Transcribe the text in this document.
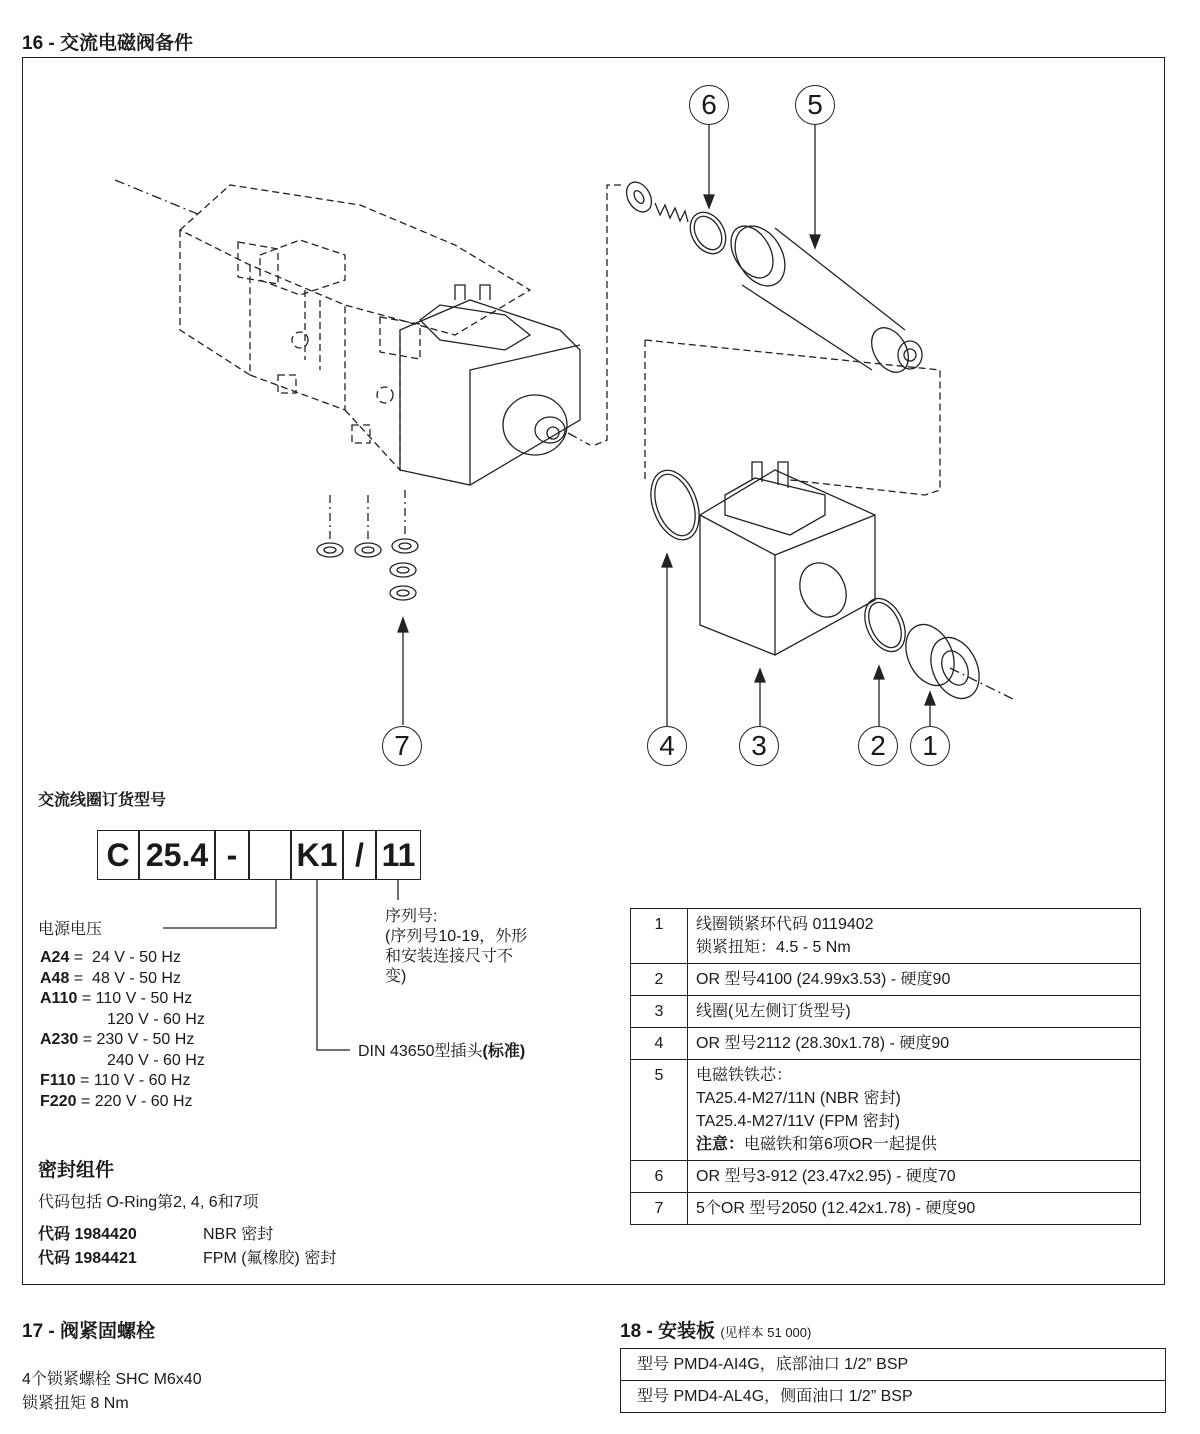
16 - 交流电磁阀备件
6	5
7	4	3	2	1
交流线圈订货型号
C 25.4 -	K1 / 11
电源电压
A24 =  24 V - 50 Hz
A48 =  48 V - 50 Hz
A110 = 110 V - 50 Hz
120 V - 60 Hz
A230 = 230 V - 50 Hz
240 V - 60 Hz
F110 = 110 V - 60 Hz
F220 = 220 V - 60 Hz
序列号:
(序列号10-19，外形
和安装连接尺寸不
变)
DIN 43650型插头(标准)
密封组件
代码包括 O-Ring第2, 4, 6和7项
代码 1984420	NBR 密封
代码 1984421	FPM (氟橡胶) 密封
1	线圈锁紧环代码 0119402
锁紧扭矩：4.5 - 5 Nm

2	OR 型号4100 (24.99x3.53) - 硬度90

3	线圈(见左侧订货型号)

4	OR 型号2112 (28.30x1.78) - 硬度90

5	电磁铁铁芯：
TA25.4-M27/11N (NBR 密封)
TA25.4-M27/11V (FPM 密封)
注意：电磁铁和第6项OR一起提供

6	OR 型号3-912 (23.47x2.95) - 硬度70

7	5个OR 型号2050 (12.42x1.78) - 硬度90
17 - 阀紧固螺栓
4个锁紧螺栓 SHC M6x40
锁紧扭矩 8 Nm
18 - 安装板 (见样本 51 000)
型号 PMD4-AI4G，底部油口 1/2” BSP
型号 PMD4-AL4G，侧面油口 1/2” BSP
